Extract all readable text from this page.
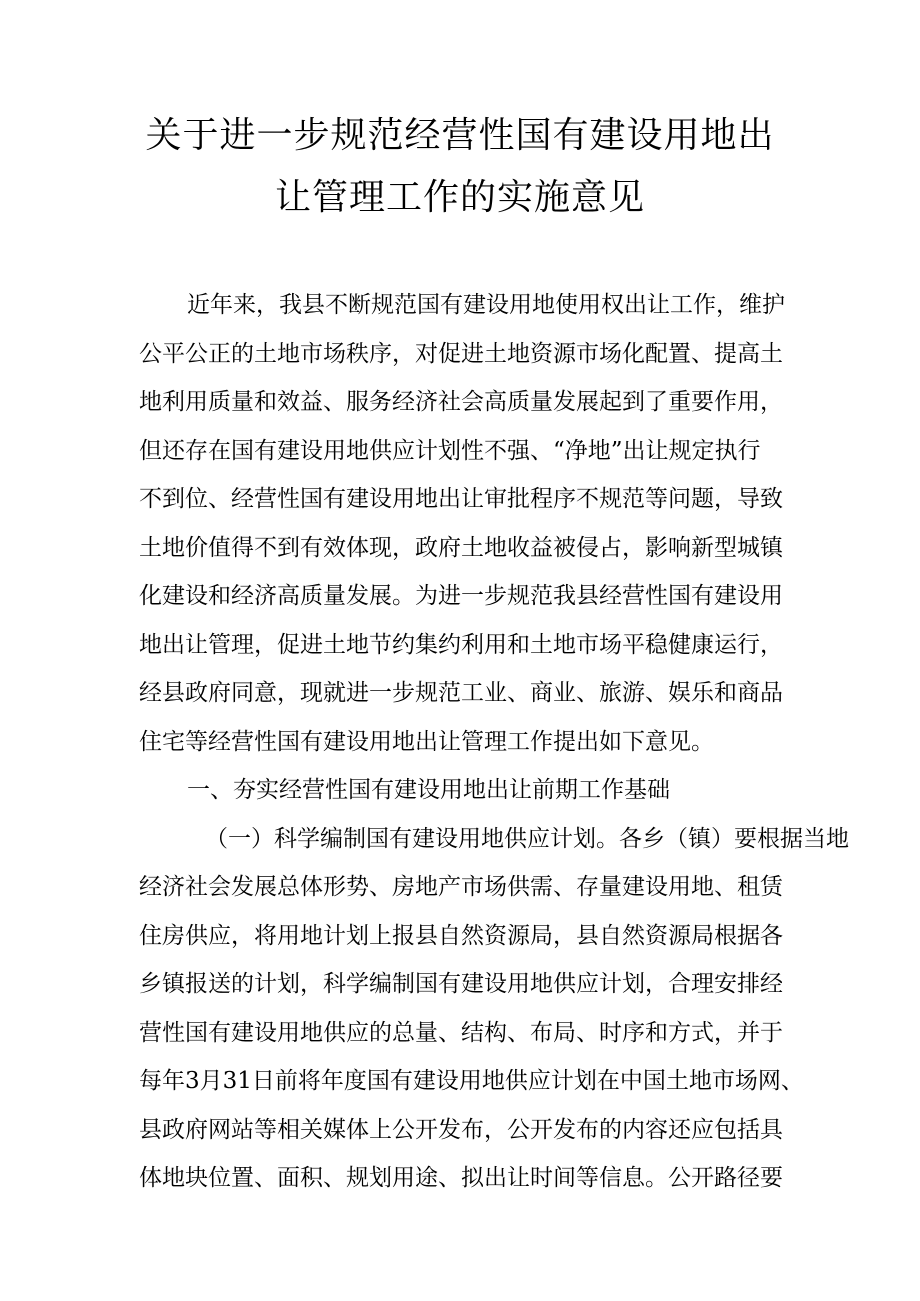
关于进一步规范经营性国有建设用地出
让管理工作的实施意见
近年来，我县不断规范国有建设用地使用权出让工作，维护
公平公正的土地市场秩序，对促进土地资源市场化配置、提高土
地利用质量和效益、服务经济社会高质量发展起到了重要作用，
但还存在国有建设用地供应计划性不强、“净地”出让规定执行
不到位、经营性国有建设用地出让审批程序不规范等问题，导致
土地价值得不到有效体现，政府土地收益被侵占，影响新型城镇
化建设和经济高质量发展。为进一步规范我县经营性国有建设用
地出让管理，促进土地节约集约利用和土地市场平稳健康运行，
经县政府同意，现就进一步规范工业、商业、旅游、娱乐和商品
住宅等经营性国有建设用地出让管理工作提出如下意见。
一、夯实经营性国有建设用地出让前期工作基础
（一）科学编制国有建设用地供应计划。各乡（镇）要根据当地
经济社会发展总体形势、房地产市场供需、存量建设用地、租赁
住房供应，将用地计划上报县自然资源局，县自然资源局根据各
乡镇报送的计划，科学编制国有建设用地供应计划，合理安排经
营性国有建设用地供应的总量、结构、布局、时序和方式，并于
每年3月31日前将年度国有建设用地供应计划在中国土地市场网、
县政府网站等相关媒体上公开发布，公开发布的内容还应包括具
体地块位置、面积、规划用途、拟出让时间等信息。公开路径要
